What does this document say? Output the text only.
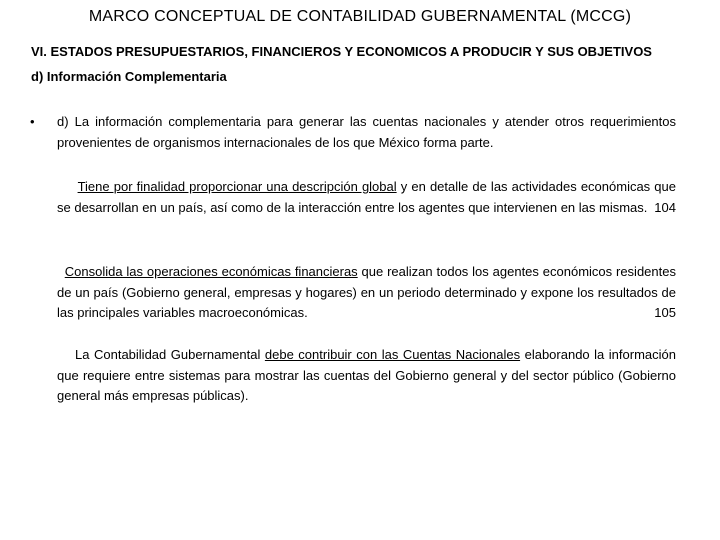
MARCO CONCEPTUAL DE CONTABILIDAD GUBERNAMENTAL (MCCG)
VI. ESTADOS PRESUPUESTARIOS, FINANCIEROS Y ECONOMICOS A PRODUCIR Y SUS OBJETIVOS
d) Información Complementaria
• d) La información complementaria para generar las cuentas nacionales y atender otros requerimientos provenientes de organismos internacionales de los que México forma parte.
Tiene por finalidad proporcionar una descripción global y en detalle de las actividades económicas que se desarrollan en un país, así como de la interacción entre los agentes que intervienen en las mismas. 104
Consolida las operaciones económicas financieras que realizan todos los agentes económicos residentes de un país (Gobierno general, empresas y hogares) en un periodo determinado y expone los resultados de las principales variables macroeconómicas.	105
La Contabilidad Gubernamental debe contribuir con las Cuentas Nacionales elaborando la información que requiere entre sistemas para mostrar las cuentas del Gobierno general y del sector público (Gobierno general más empresas públicas).
